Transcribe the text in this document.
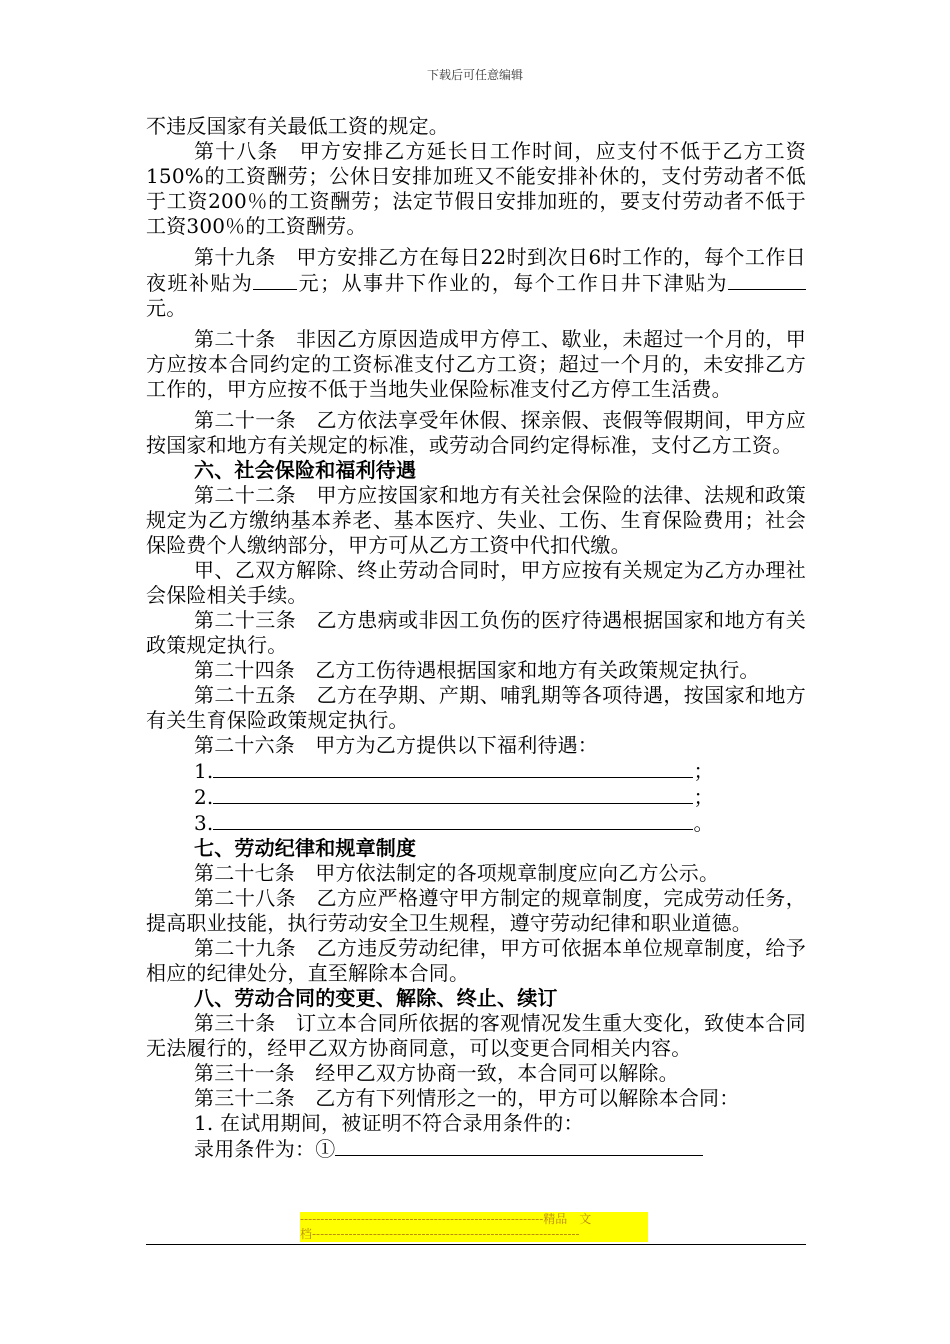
下载后可任意编辑

不违反国家有关最低工资的规定。

第十八条　甲方安排乙方延长日工作时间，应支付不低于乙方工资150%的工资酬劳；公休日安排加班又不能安排补休的，支付劳动者不低于工资200％的工资酬劳；法定节假日安排加班的，要支付劳动者不低于工资300％的工资酬劳。

第十九条　甲方安排乙方在每日22时到次日6时工作的，每个工作日夜班补贴为 元；从事井下作业的，每个工作日井下津贴为元。

第二十条　非因乙方原因造成甲方停工、歇业，未超过一个月的，甲方应按本合同约定的工资标准支付乙方工资；超过一个月的，未安排乙方工作的，甲方应按不低于当地失业保险标准支付乙方停工生活费。

第二十一条　乙方依法享受年休假、探亲假、丧假等假期间，甲方应按国家和地方有关规定的标准，或劳动合同约定得标准，支付乙方工资。

六、社会保险和福利待遇

第二十二条　甲方应按国家和地方有关社会保险的法律、法规和政策规定为乙方缴纳基本养老、基本医疗、失业、工伤、生育保险费用；社会保险费个人缴纳部分，甲方可从乙方工资中代扣代缴。

甲、乙双方解除、终止劳动合同时，甲方应按有关规定为乙方办理社会保险相关手续。

第二十三条　乙方患病或非因工负伤的医疗待遇根据国家和地方有关政策规定执行。

第二十四条　乙方工伤待遇根据国家和地方有关政策规定执行。

第二十五条　乙方在孕期、产期、哺乳期等各项待遇，按国家和地方有关生育保险政策规定执行。

第二十六条　甲方为乙方提供以下福利待遇：

1.	；

2.	；

3.	。

七、劳动纪律和规章制度

第二十七条　甲方依法制定的各项规章制度应向乙方公示。

第二十八条　乙方应严格遵守甲方制定的规章制度，完成劳动任务，提高职业技能，执行劳动安全卫生规程，遵守劳动纪律和职业道德。

第二十九条　乙方违反劳动纪律，甲方可依据本单位规章制度，给予相应的纪律处分，直至解除本合同。

八、劳动合同的变更、解除、终止、续订

第三十条　订立本合同所依据的客观情况发生重大变化，致使本合同无法履行的，经甲乙双方协商同意，可以变更合同相关内容。

第三十一条　经甲乙双方协商一致，本合同可以解除。

第三十二条　乙方有下列情形之一的，甲方可以解除本合同：

1. 在试用期间，被证明不符合录用条件的：

录用条件为：①

------------------------------------------------------------精品　文
档------------------------------------------------------------------
